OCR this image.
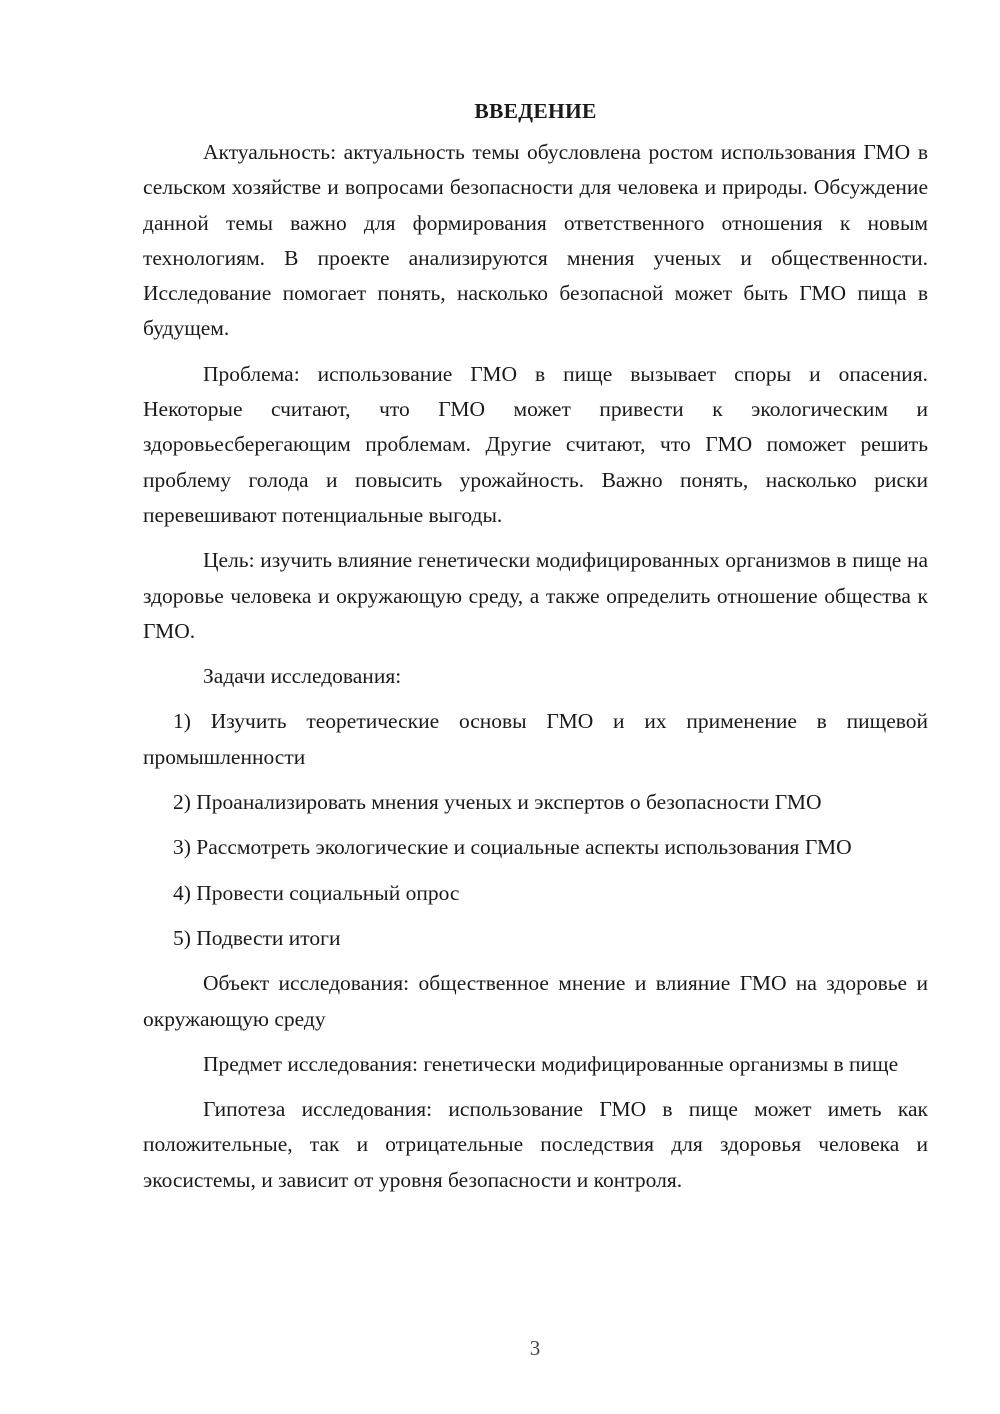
ВВЕДЕНИЕ

Актуальность: актуальность темы обусловлена ростом использования ГМО в сельском хозяйстве и вопросами безопасности для человека и природы. Обсуждение данной темы важно для формирования ответственного отношения к новым технологиям. В проекте анализируются мнения ученых и общественности. Исследование помогает понять, насколько безопасной может быть ГМО пища в будущем.

Проблема: использование ГМО в пище вызывает споры и опасения. Некоторые считают, что ГМО может привести к экологическим и здоровьесберегающим проблемам. Другие считают, что ГМО поможет решить проблему голода и повысить урожайность. Важно понять, насколько риски перевешивают потенциальные выгоды.

Цель: изучить влияние генетически модифицированных организмов в пище на здоровье человека и окружающую среду, а также определить отношение общества к ГМО.

Задачи исследования:

1) Изучить теоретические основы ГМО и их применение в пищевой промышленности

2) Проанализировать мнения ученых и экспертов о безопасности ГМО

3) Рассмотреть экологические и социальные аспекты использования ГМО

4) Провести социальный опрос

5) Подвести итоги

Объект исследования: общественное мнение и влияние ГМО на здоровье и окружающую среду

Предмет исследования: генетически модифицированные организмы в пище

Гипотеза исследования: использование ГМО в пище может иметь как положительные, так и отрицательные последствия для здоровья человека и экосистемы, и зависит от уровня безопасности и контроля.

3
